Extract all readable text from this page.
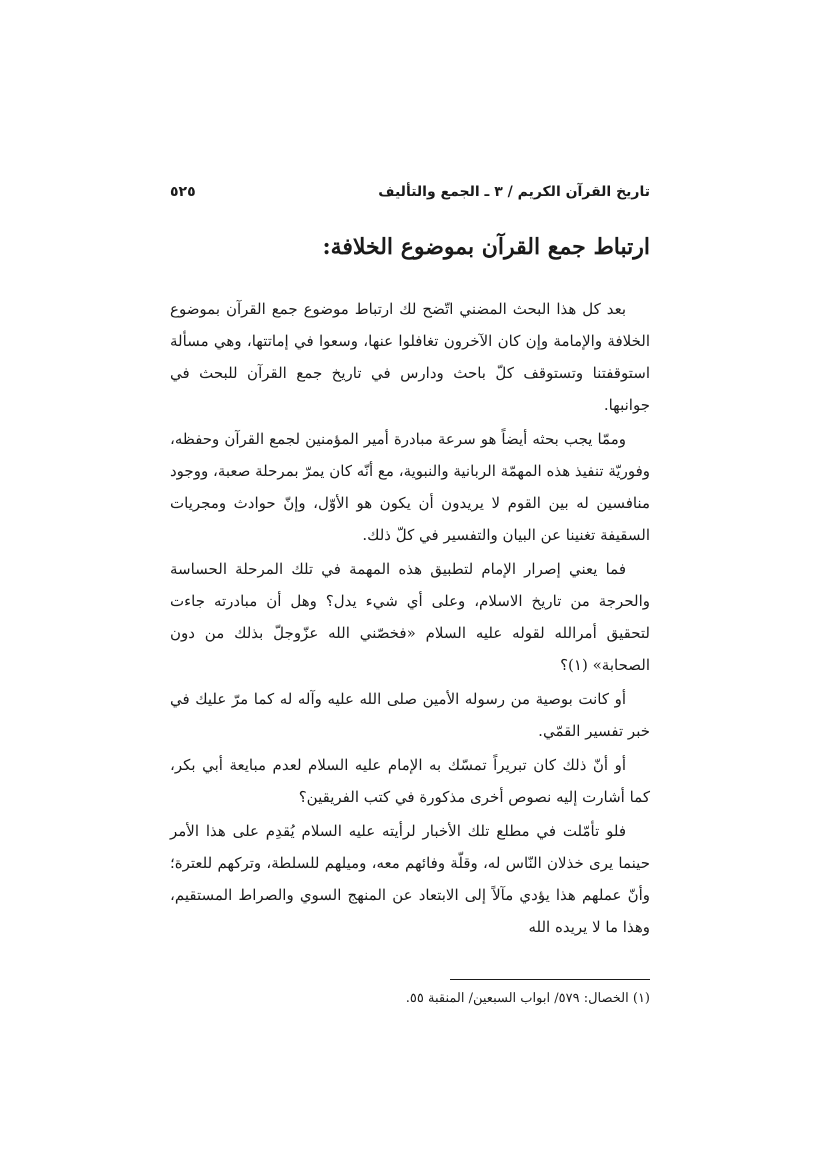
تاريخ القرآن الكريم / ٣ ـ الجمع والتأليف
٥٢٥
ارتباط جمع القرآن بموضوع الخلافة:

بعد كل هذا البحث المضني اتّضح لك ارتباط موضوع جمع القرآن بموضوع الخلافة والإمامة وإن كان الآخرون تغافلوا عنها، وسعوا في إماتتها، وهي مسألة استوقفتنا وتستوقف كلّ باحث ودارس في تاريخ جمع القرآن للبحث في جوانبها.

وممّا يجب بحثه أيضاً هو سرعة مبادرة أمير المؤمنين لجمع القرآن وحفظه، وفوريّة تنفيذ هذه المهمّة الربانية والنبوية، مع أنّه كان يمرّ بمرحلة صعبة، ووجود منافسين له بين القوم لا يريدون أن يكون هو الأوّل، وإنّ حوادث ومجريات السقيفة تغنينا عن البيان والتفسير في كلّ ذلك.

فما يعني إصرار الإمام لتطبيق هذه المهمة في تلك المرحلة الحساسة والحرجة من تاريخ الاسلام، وعلى أي شيء يدل؟ وهل أن مبادرته جاءت لتحقيق أمرالله لقوله عليه السلام «فخصّني الله عزّوجلّ بذلك من دون الصحابة» (١)؟

أو كانت بوصية من رسوله الأمين صلى الله عليه وآله له كما مرّ عليك في خبر تفسير القمّي.

أو أنّ ذلك كان تبريراً تمسّك به الإمام عليه السلام لعدم مبايعة أبي بكر، كما أشارت إليه نصوص أخرى مذكورة في كتب الفريقين؟

فلو تأمّلت في مطلع تلك الأخبار لرأيته عليه السلام يُقدِم على هذا الأمر حينما يرى خذلان النّاس له، وقلّة وفائهم معه، وميلهم للسلطة، وتركهم للعترة؛ وأنّ عملهم هذا يؤدي مآلاً إلى الابتعاد عن المنهج السوي والصراط المستقيم، وهذا ما لا يريده الله

(١) الخصال: ٥٧٩/ ابواب السبعين/ المنقبة ٥٥.
